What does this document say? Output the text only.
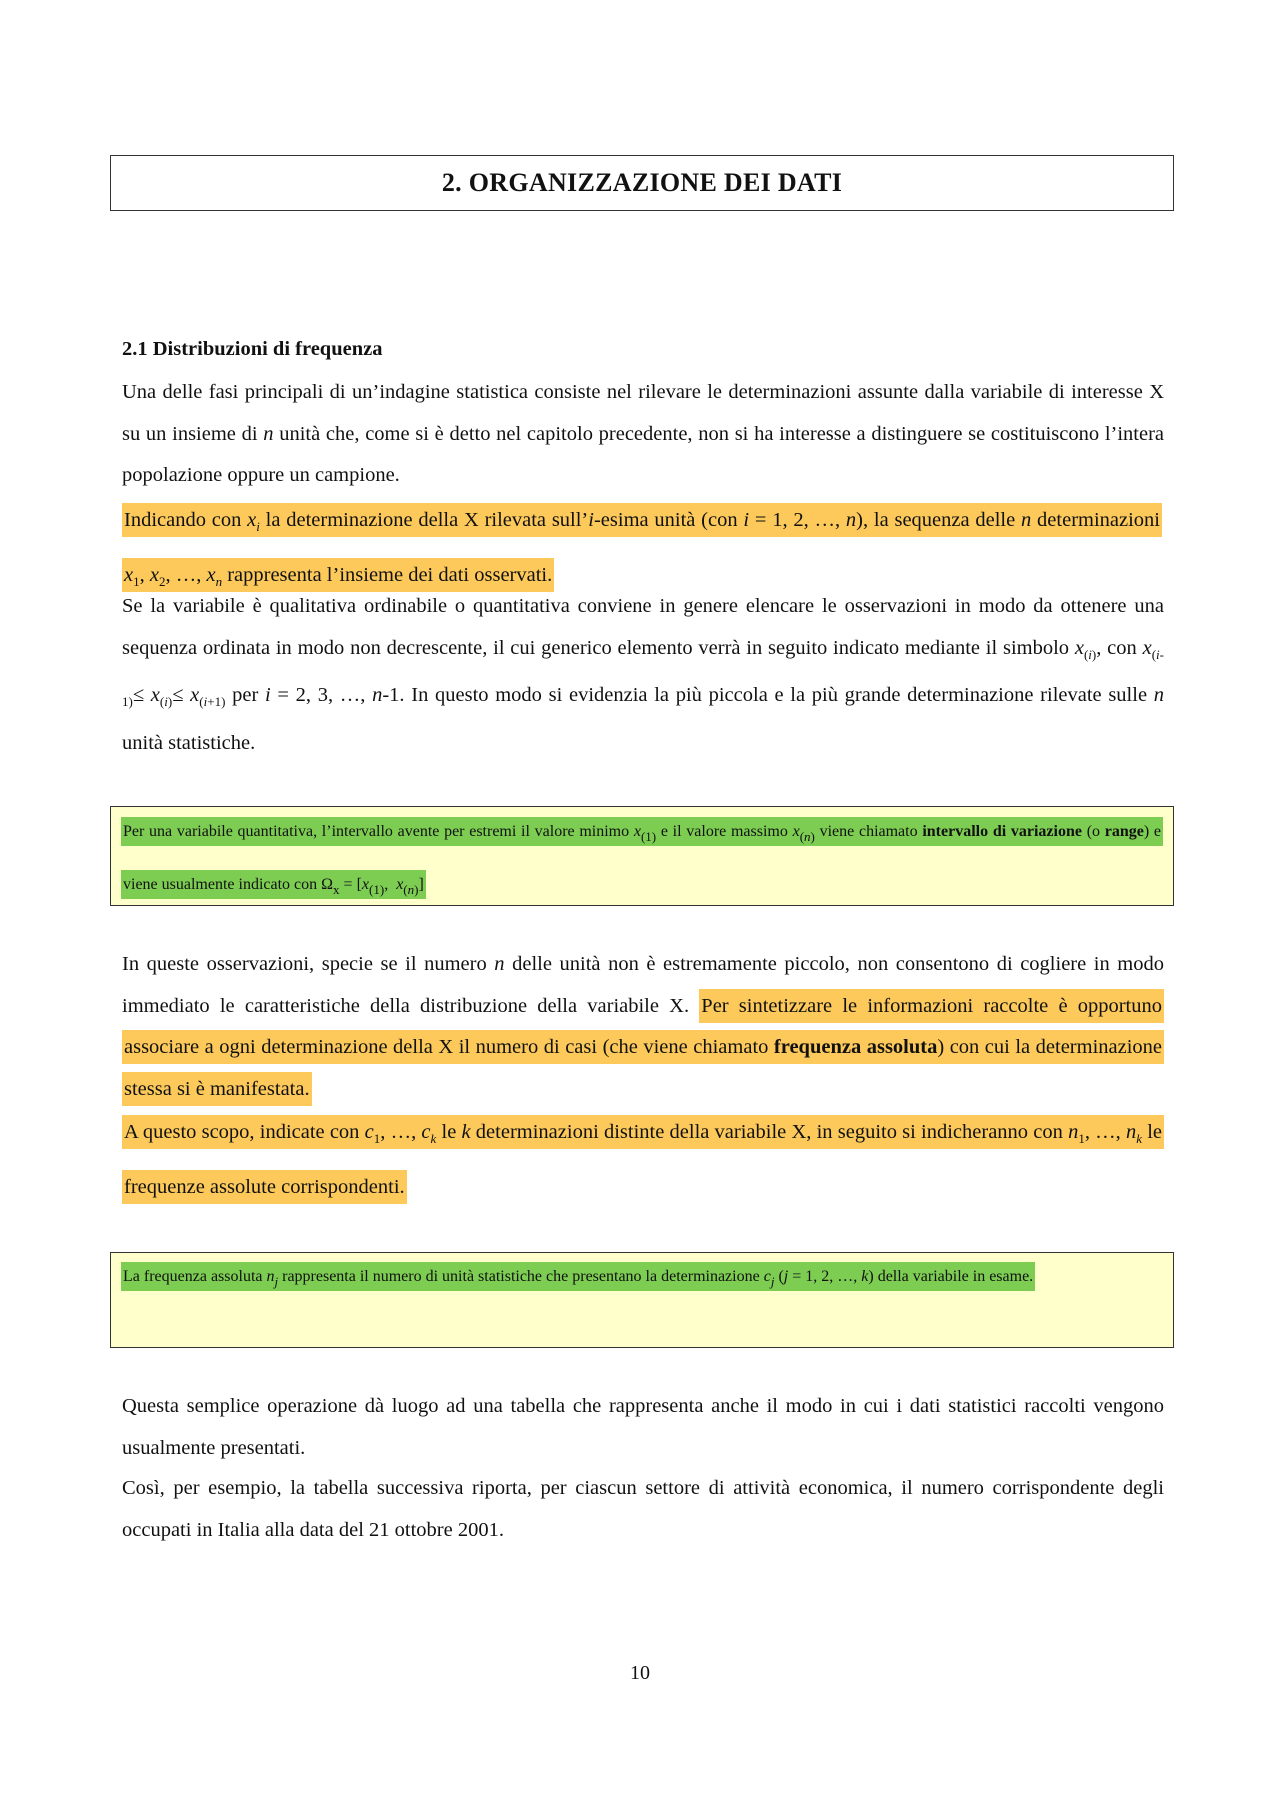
2. ORGANIZZAZIONE DEI DATI
2.1 Distribuzioni di frequenza

Una delle fasi principali di un’indagine statistica consiste nel rilevare le determinazioni assunte dalla variabile di interesse X su un insieme di n unità che, come si è detto nel capitolo precedente, non si ha interesse a distinguere se costituiscono l’intera popolazione oppure un campione.

Indicando con $x_i$ la determinazione della X rilevata sull’i-esima unità (con i = 1, 2, …, n), la sequenza delle n determinazioni $x_1$, $x_2$, …, $x_n$ rappresenta l’insieme dei dati osservati.

Se la variabile è qualitativa ordinabile o quantitativa conviene in genere elencare le osservazioni in modo da ottenere una sequenza ordinata in modo non decrescente, il cui generico elemento verrà in seguito indicato mediante il simbolo $x_{(i)}$, con $x_{(i-1)}\le x_{(i)}\le x_{(i+1)}$ per i = 2, 3, …, n-1. In questo modo si evidenzia la più piccola e la più grande determinazione rilevate sulle n unità statistiche.

Per una variabile quantitativa, l’intervallo avente per estremi il valore minimo $x_{(1)}$ e il valore massimo $x_{(n)}$ viene chiamato intervallo di variazione (o range) e viene usualmente indicato con $\Omega_x = [x_{(1)}$,  $x_{(n)}$]

In queste osservazioni, specie se il numero n delle unità non è estremamente piccolo, non consentono di cogliere in modo immediato le caratteristiche della distribuzione della variabile X. Per sintetizzare le informazioni raccolte è opportuno associare a ogni determinazione della X il numero di casi (che viene chiamato frequenza assoluta) con cui la determinazione stessa si è manifestata.

A questo scopo, indicate con $c_1$, …, $c_k$ le k determinazioni distinte della variabile X, in seguito si indicheranno con $n_1$, …, $n_k$ le frequenze assolute corrispondenti.

La frequenza assoluta $n_j$ rappresenta il numero di unità statistiche che presentano la determinazione $c_j$ (j = 1, 2, …, k) della variabile in esame.

Questa semplice operazione dà luogo ad una tabella che rappresenta anche il modo in cui i dati statistici raccolti vengono usualmente presentati.

Così, per esempio, la tabella successiva riporta, per ciascun settore di attività economica, il numero corrispondente degli occupati in Italia alla data del 21 ottobre 2001.

10
